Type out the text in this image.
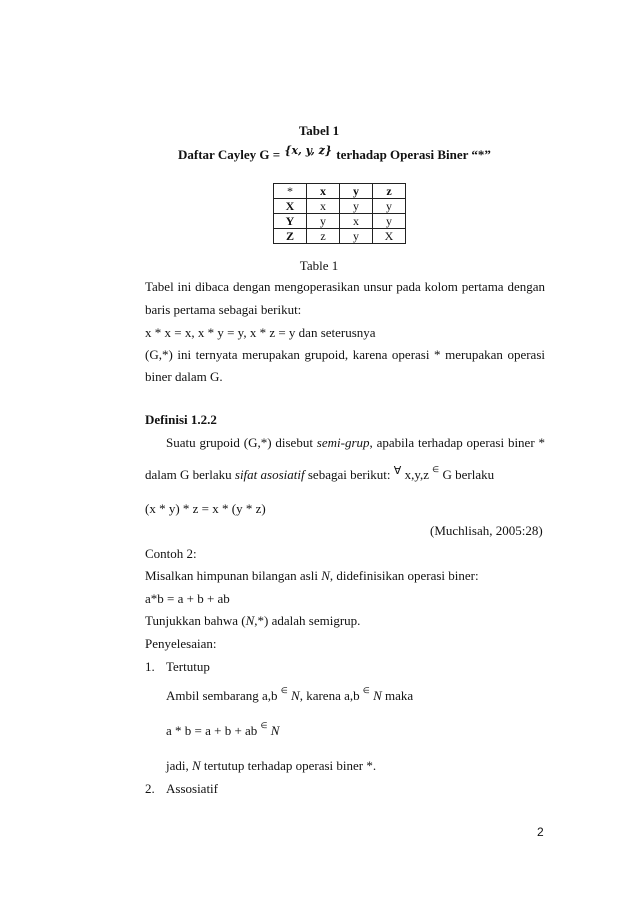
Tabel 1
Daftar Cayley G = $^{\{x, y, z\}}$ terhadap Operasi Biner “*”
*	x	y	z
X	x	y	y
Y	y	x	y
Z	z	y	X
Table 1
Tabel ini dibaca dengan mengoperasikan unsur pada kolom pertama dengan
baris pertama sebagai berikut:
x * x = x, x * y = y, x * z = y dan seterusnya
(G,*) ini ternyata merupakan grupoid, karena operasi * merupakan operasi
biner dalam G.
Definisi 1.2.2
Suatu grupoid (G,*) disebut semi-grup, apabila terhadap operasi biner *
dalam G berlaku sifat asosiatif sebagai berikut: ∀ x,y,z ∈ G berlaku
(x * y) * z = x * (y * z)
(Muchlisah, 2005:28)
Contoh 2:
Misalkan himpunan bilangan asli N, didefinisikan operasi biner:
a*b = a + b + ab
Tunjukkan bahwa (N,*) adalah semigrup.
Penyelesaian:
1. Tertutup
Ambil sembarang a,b ∈ N, karena a,b ∈ N maka
a * b = a + b + ab ∈ N
jadi, N tertutup terhadap operasi biner *.
2. Assosiatif
2
